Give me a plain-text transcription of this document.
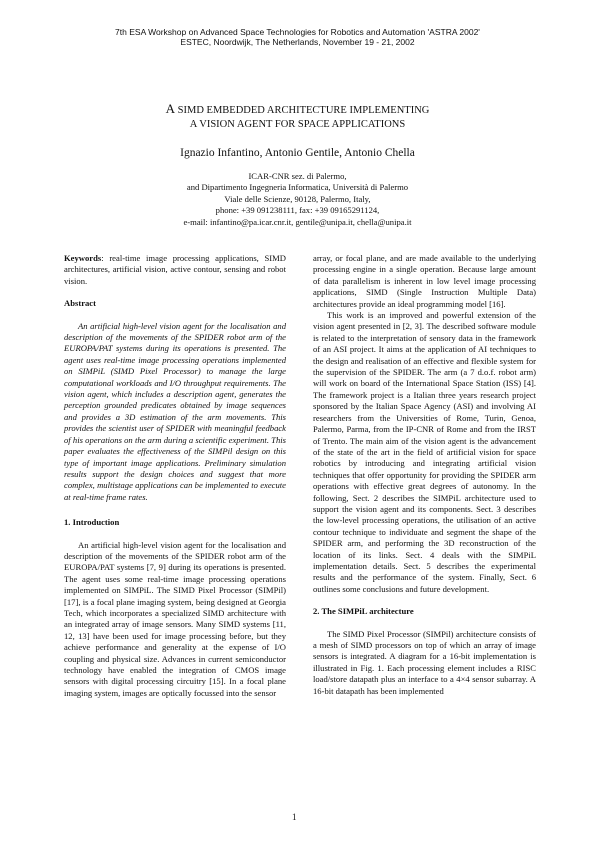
7th ESA Workshop on Advanced Space Technologies for Robotics and Automation 'ASTRA 2002'
ESTEC, Noordwijk, The Netherlands, November 19 - 21, 2002
A SIMD EMBEDDED ARCHITECTURE IMPLEMENTING
A VISION AGENT FOR SPACE APPLICATIONS
Ignazio Infantino, Antonio Gentile, Antonio Chella
ICAR-CNR sez. di Palermo,
and Dipartimento Ingegneria Informatica, Università di Palermo
Viale delle Scienze, 90128, Palermo, Italy,
phone: +39 091238111, fax: +39 09165291124,
e-mail: infantino@pa.icar.cnr.it, gentile@unipa.it, chella@unipa.it

Keywords: real-time image processing applications, SIMD architectures, artificial vision, active contour, sensing and robot vision.

Abstract

An artificial high-level vision agent for the localisation and description of the movements of the SPIDER robot arm of the EUROPA/PAT systems during its operations is presented. The agent uses real-time image processing operations implemented on SIMPiL (SIMD Pixel Processor) to manage the large computational workloads and I/O throughput requirements. The vision agent, which includes a description agent, generates the perception grounded predicates obtained by image sequences and provides a 3D estimation of the arm movements. This provides the scientist user of SPIDER with meaningful feedback of his operations on the arm during a scientific experiment. This paper evaluates the effectiveness of the SIMPil design on this type of important image applications. Preliminary simulation results support the design choices and suggest that more complex, multistage applications can be implemented to execute at real-time frame rates.

1. Introduction

An artificial high-level vision agent for the localisation and description of the movements of the SPIDER robot arm of the EUROPA/PAT systems [7, 9] during its operations is presented. The agent uses some real-time image processing operations implemented on SIMPiL. The SIMD Pixel Processor (SIMPil) [17], is a focal plane imaging system, being designed at Georgia Tech, which incorporates a specialized SIMD architecture with an integrated array of image sensors. Many SIMD systems [11, 12, 13] have been used for image processing before, but they achieve performance and generality at the expense of I/O coupling and physical size. Advances in current semiconductor technology have enabled the integration of CMOS image sensors with digital processing circuitry [15]. In a focal plane imaging system, images are optically focussed into the sensor

array, or focal plane, and are made available to the underlying processing engine in a single operation. Because large amount of data parallelism is inherent in low level image processing applications, SIMD (Single Instruction Multiple Data) architectures provide an ideal programming model [16].

This work is an improved and powerful extension of the vision agent presented in [2, 3]. The described software module is related to the interpretation of sensory data in the framework of an ASI project. It aims at the application of AI techniques to the design and realisation of an effective and flexible system for the supervision of the SPIDER. The arm (a 7 d.o.f. robot arm) will work on board of the International Space Station (ISS) [4]. The framework project is a Italian three years research project sponsored by the Italian Space Agency (ASI) and involving AI researchers from the Universities of Rome, Turin, Genoa, Palermo, Parma, from the IP-CNR of Rome and from the IRST of Trento. The main aim of the vision agent is the advancement of the state of the art in the field of artificial vision for space robotics by introducing and integrating artificial vision techniques that offer opportunity for providing the SPIDER arm operations with effective great degrees of autonomy. In the following, Sect. 2 describes the SIMPiL architecture used to support the vision agent and its components. Sect. 3 describes the low-level processing operations, the utilisation of an active contour technique to individuate and segment the shape of the SPIDER arm, and performing the 3D reconstruction of the location of its links. Sect. 4 deals with the SIMPiL implementation details. Sect. 5 describes the experimental results and the performance of the system. Finally, Sect. 6 outlines some conclusions and future development.

2. The SIMPiL architecture

The SIMD Pixel Processor (SIMPil) architecture consists of a mesh of SIMD processors on top of which an array of image sensors is integrated. A diagram for a 16-bit implementation is illustrated in Fig. 1. Each processing element includes a RISC load/store datapath plus an interface to a 4×4 sensor subarray. A 16-bit datapath has been implemented

1
